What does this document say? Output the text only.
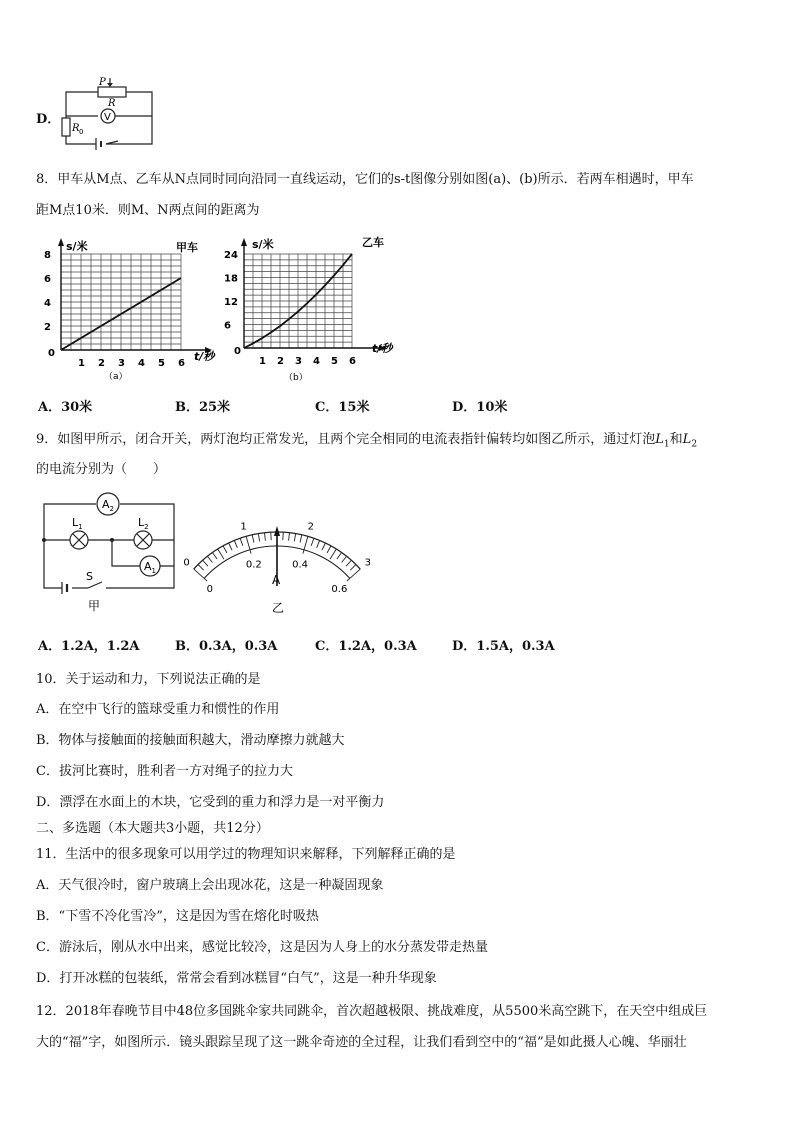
D．
P
R
V
R 0
8．甲车从M点、乙车从N点同时同向沿同一直线运动，它们的s-t图像分别如图(a)、(b)所示．若两车相遇时，甲车
距M点10米．则M、N两点间的距离为
s/米	甲车
0
8
6
4
2
1 2 3 4 5 6
t/秒
（a）
s/米	乙车
0
24
18
12
6
1 2 3 4 5 6
t/秒
（b）
A．30米	B．25米	C．15米	D．10米
9．如图甲所示，闭合开关，两灯泡均正常发光，且两个完全相同的电流表指针偏转均如图乙所示，通过灯泡$L_1$和$L_2$
的电流分别为（　　）
$A_2$
$A_1$
$L_1$	$L_2$
S
甲
0
1	2
3
0
0.2	0.4
0.6
A
乙
A．1.2A，1.2A	B．0.3A，0.3A	C．1.2A，0.3A	D．1.5A，0.3A
10．关于运动和力，下列说法正确的是
A．在空中飞行的篮球受重力和惯性的作用
B．物体与接触面的接触面积越大，滑动摩擦力就越大
C．拔河比赛时，胜利者一方对绳子的拉力大
D．漂浮在水面上的木块，它受到的重力和浮力是一对平衡力
二、多选题（本大题共3小题，共12分）
11．生活中的很多现象可以用学过的物理知识来解释，下列解释正确的是
A．天气很冷时，窗户玻璃上会出现冰花，这是一种凝固现象
B．“下雪不冷化雪冷”，这是因为雪在熔化时吸热
C．游泳后，刚从水中出来，感觉比较冷，这是因为人身上的水分蒸发带走热量
D．打开冰糕的包装纸，常常会看到冰糕冒“白气”，这是一种升华现象
12．2018年春晚节目中48位多国跳伞家共同跳伞，首次超越极限、挑战难度，从5500米高空跳下，在天空中组成巨
大的“福”字，如图所示．镜头跟踪呈现了这一跳伞奇迹的全过程，让我们看到空中的“福”是如此摄人心魄、华丽壮
